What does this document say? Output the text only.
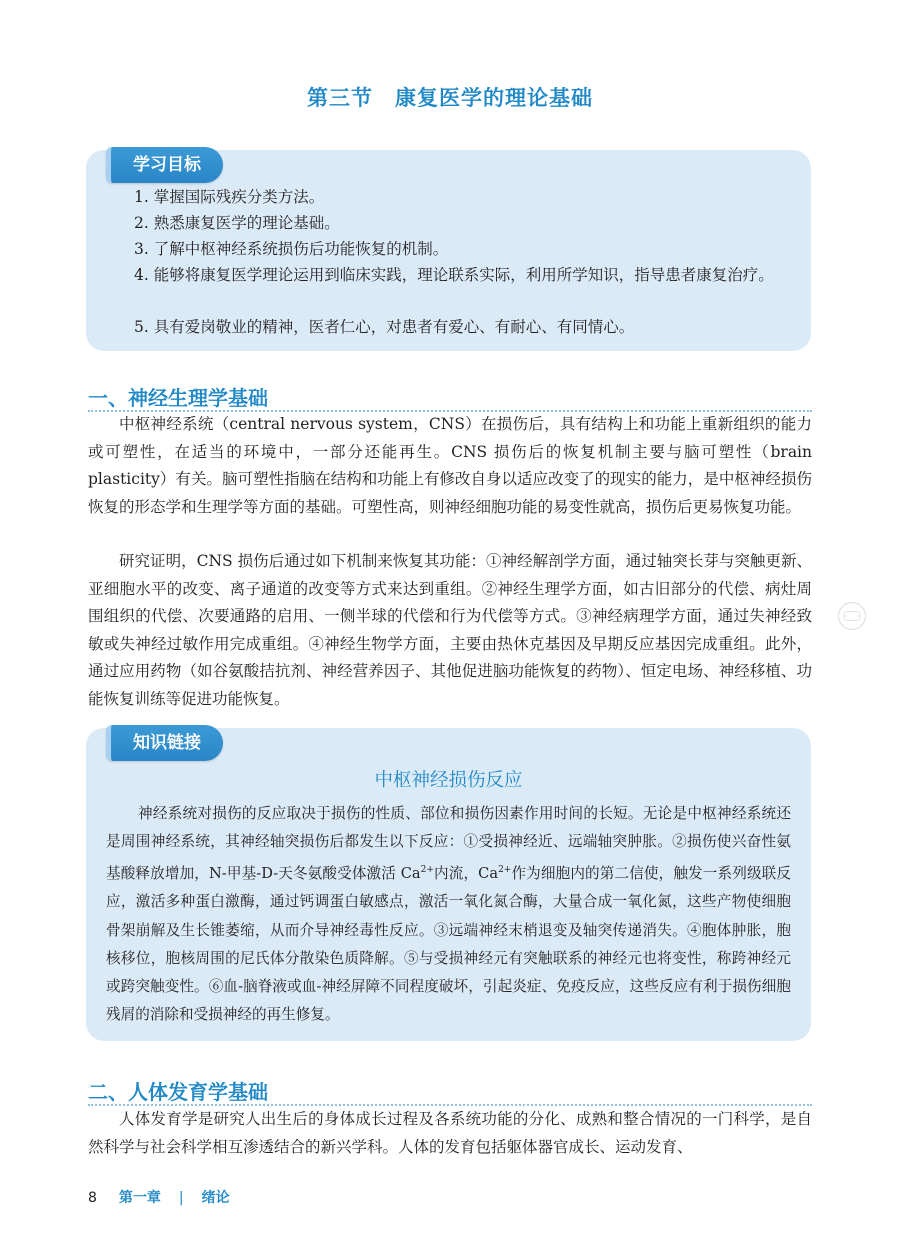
第三节 康复医学的理论基础
学习目标
1. 掌握国际残疾分类方法。
2. 熟悉康复医学的理论基础。
3. 了解中枢神经系统损伤后功能恢复的机制。
4. 能够将康复医学理论运用到临床实践，理论联系实际，利用所学知识，指导患者康复治疗。
5. 具有爱岗敬业的精神，医者仁心，对患者有爱心、有耐心、有同情心。
一、神经生理学基础
中枢神经系统（central nervous system，CNS）在损伤后，具有结构上和功能上重新组织的能力或可塑性，在适当的环境中，一部分还能再生。CNS 损伤后的恢复机制主要与脑可塑性（brain plasticity）有关。脑可塑性指脑在结构和功能上有修改自身以适应改变了的现实的能力，是中枢神经损伤恢复的形态学和生理学等方面的基础。可塑性高，则神经细胞功能的易变性就高，损伤后更易恢复功能。
研究证明，CNS 损伤后通过如下机制来恢复其功能：①神经解剖学方面，通过轴突长芽与突触更新、亚细胞水平的改变、离子通道的改变等方式来达到重组。②神经生理学方面，如古旧部分的代偿、病灶周围组织的代偿、次要通路的启用、一侧半球的代偿和行为代偿等方式。③神经病理学方面，通过失神经致敏或失神经过敏作用完成重组。④神经生物学方面，主要由热休克基因及早期反应基因完成重组。此外，通过应用药物（如谷氨酸拮抗剂、神经营养因子、其他促进脑功能恢复的药物）、恒定电场、神经移植、功能恢复训练等促进功能恢复。
知识链接
中枢神经损伤反应
神经系统对损伤的反应取决于损伤的性质、部位和损伤因素作用时间的长短。无论是中枢神经系统还是周围神经系统，其神经轴突损伤后都发生以下反应：①受损神经近、远端轴突肿胀。②损伤使兴奋性氨基酸释放增加，N-甲基-D-天冬氨酸受体激活 $Ca^{2+}$内流，$Ca^{2+}$作为细胞内的第二信使，触发一系列级联反应，激活多种蛋白激酶，通过钙调蛋白敏感点，激活一氧化氮合酶，大量合成一氧化氮，这些产物使细胞骨架崩解及生长锥萎缩，从而介导神经毒性反应。③远端神经末梢退变及轴突传递消失。④胞体肿胀，胞核移位，胞核周围的尼氏体分散染色质降解。⑤与受损神经元有突触联系的神经元也将变性，称跨神经元或跨突触变性。⑥血-脑脊液或血-神经屏障不同程度破坏，引起炎症、免疫反应，这些反应有利于损伤细胞残屑的消除和受损神经的再生修复。
二、人体发育学基础
人体发育学是研究人出生后的身体成长过程及各系统功能的分化、成熟和整合情况的一门科学，是自然科学与社会科学相互渗透结合的新兴学科。人体的发育包括躯体器官成长、运动发育、
8 第一章 | 绪论
